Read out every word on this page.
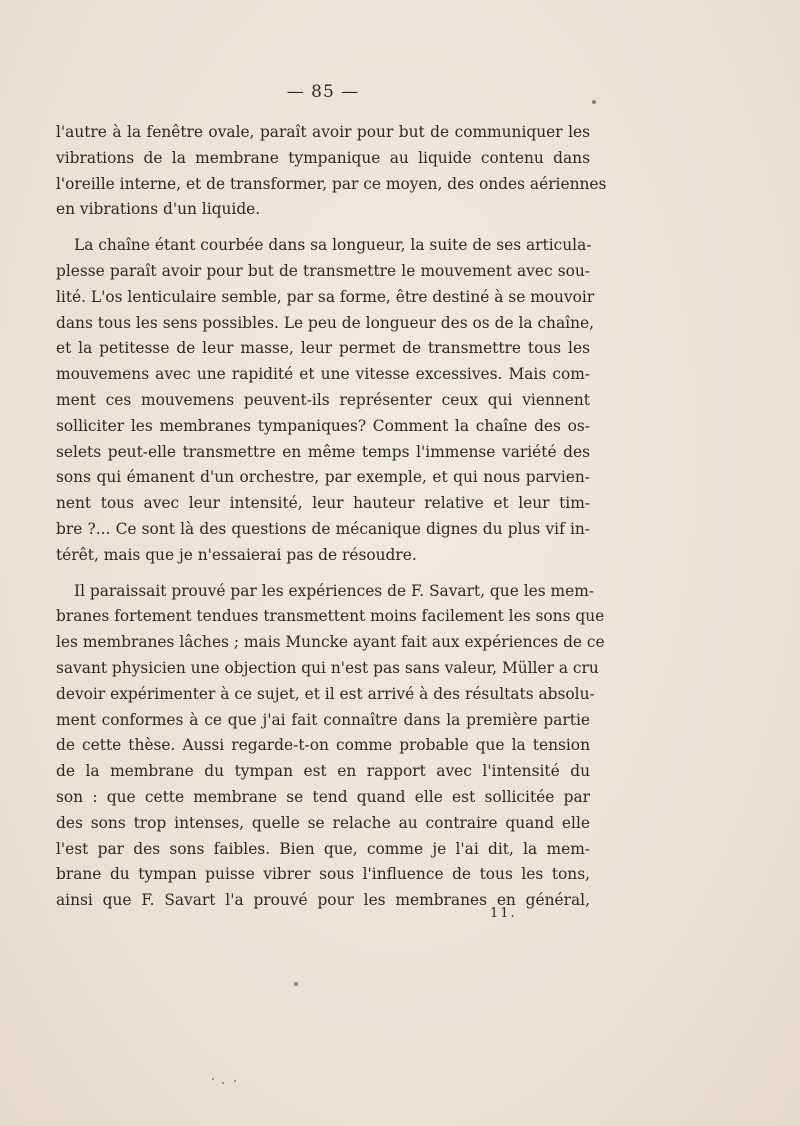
— 85 —
l'autre à la fenêtre ovale, paraît avoir pour but de communiquer les
vibrations de la membrane tympanique au liquide contenu dans
l'oreille interne, et de transformer, par ce moyen, des ondes aériennes
en vibrations d'un liquide.
La chaîne étant courbée dans sa longueur, la suite de ses articula-
plesse paraît avoir pour but de transmettre le mouvement avec sou-
lité. L'os lenticulaire semble, par sa forme, être destiné à se mouvoir
dans tous les sens possibles. Le peu de longueur des os de la chaîne,
et la petitesse de leur masse, leur permet de transmettre tous les
mouvemens avec une rapidité et une vitesse excessives. Mais com-
ment ces mouvemens peuvent-ils représenter ceux qui viennent
solliciter les membranes tympaniques? Comment la chaîne des os-
selets peut-elle transmettre en même temps l'immense variété des
sons qui émanent d'un orchestre, par exemple, et qui nous parvien-
nent tous avec leur intensité, leur hauteur relative et leur tim-
bre ?... Ce sont là des questions de mécanique dignes du plus vif in-
térêt, mais que je n'essaierai pas de résoudre.
Il paraissait prouvé par les expériences de F. Savart, que les mem-
branes fortement tendues transmettent moins facilement les sons que
les membranes lâches ; mais Muncke ayant fait aux expériences de ce
savant physicien une objection qui n'est pas sans valeur, Müller a cru
devoir expérimenter à ce sujet, et il est arrivé à des résultats absolu-
ment conformes à ce que j'ai fait connaître dans la première partie
de cette thèse. Aussi regarde-t-on comme probable que la tension
de la membrane du tympan est en rapport avec l'intensité du
son : que cette membrane se tend quand elle est sollicitée par
des sons trop intenses, quelle se relache au contraire quand elle
l'est par des sons faibles. Bien que, comme je l'ai dit, la mem-
brane du tympan puisse vibrer sous l'influence de tous les tons,
ainsi que F. Savart l'a prouvé pour les membranes en général,
11.
